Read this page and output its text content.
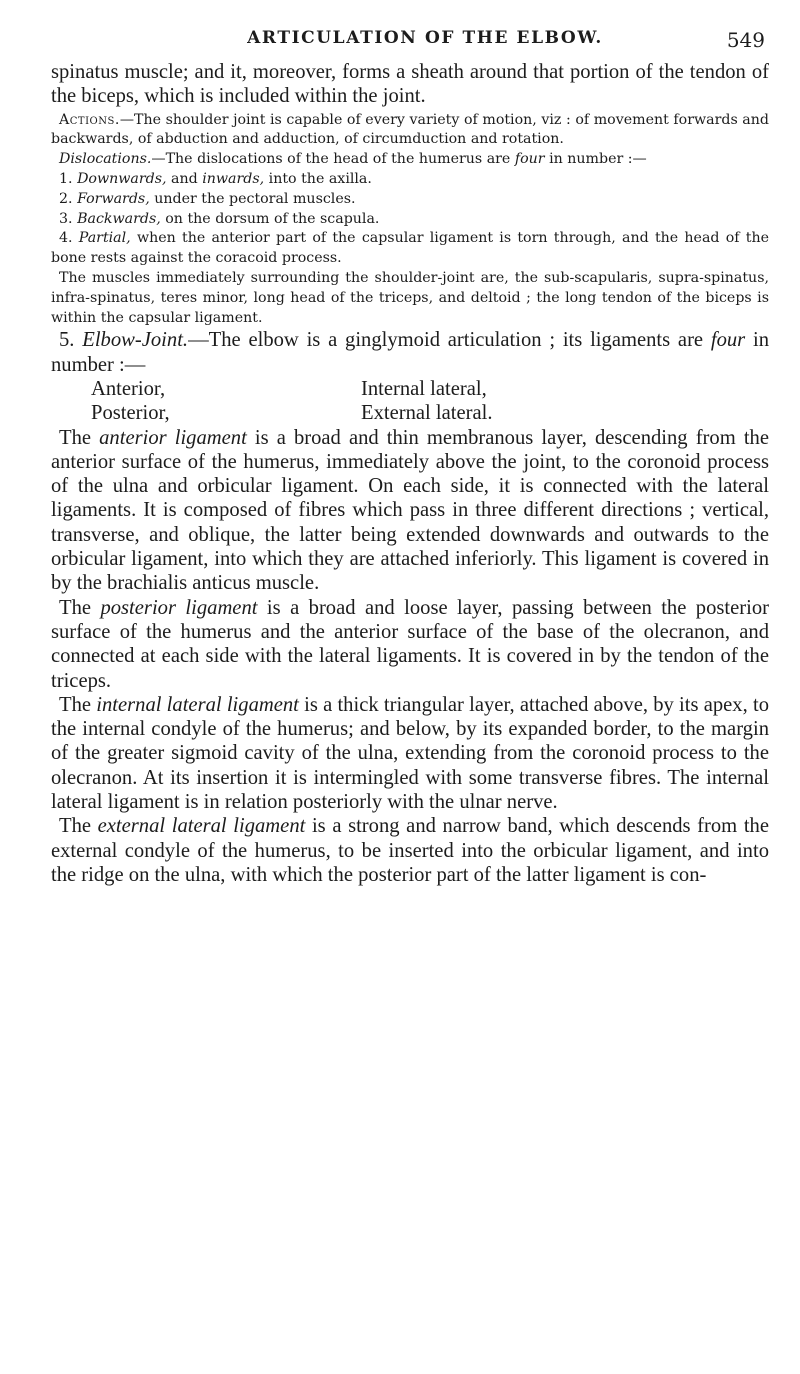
ARTICULATION OF THE ELBOW.	549

spinatus muscle; and it, moreover, forms a sheath around that portion of the tendon of the biceps, which is included within the joint.

Actions.—The shoulder joint is capable of every variety of motion, viz : of movement forwards and backwards, of abduction and adduction, of circumduction and rotation.

Dislocations.—The dislocations of the head of the humerus are four in number :—

1. Downwards, and inwards, into the axilla.

2. Forwards, under the pectoral muscles.

3. Backwards, on the dorsum of the scapula.

4. Partial, when the anterior part of the capsular ligament is torn through, and the head of the bone rests against the coracoid process.

The muscles immediately surrounding the shoulder-joint are, the sub-scapularis, supra-spinatus, infra-spinatus, teres minor, long head of the triceps, and deltoid ; the long tendon of the biceps is within the capsular ligament.

5. Elbow-Joint.—The elbow is a ginglymoid articulation ; its ligaments are four in number :—

Anterior,	Internal lateral,
Posterior,	External lateral.

The anterior ligament is a broad and thin membranous layer, descending from the anterior surface of the humerus, immediately above the joint, to the coronoid process of the ulna and orbicular ligament. On each side, it is connected with the lateral ligaments. It is composed of fibres which pass in three different directions ; vertical, transverse, and oblique, the latter being extended downwards and outwards to the orbicular ligament, into which they are attached inferiorly. This ligament is covered in by the brachialis anticus muscle.

The posterior ligament is a broad and loose layer, passing between the posterior surface of the humerus and the anterior surface of the base of the olecranon, and connected at each side with the lateral ligaments. It is covered in by the tendon of the triceps.

The internal lateral ligament is a thick triangular layer, attached above, by its apex, to the internal condyle of the humerus; and below, by its expanded border, to the margin of the greater sigmoid cavity of the ulna, extending from the coronoid process to the olecranon. At its insertion it is intermingled with some transverse fibres. The internal lateral ligament is in relation posteriorly with the ulnar nerve.

The external lateral ligament is a strong and narrow band, which descends from the external condyle of the humerus, to be inserted into the orbicular ligament, and into the ridge on the ulna, with which the posterior part of the latter ligament is con-
